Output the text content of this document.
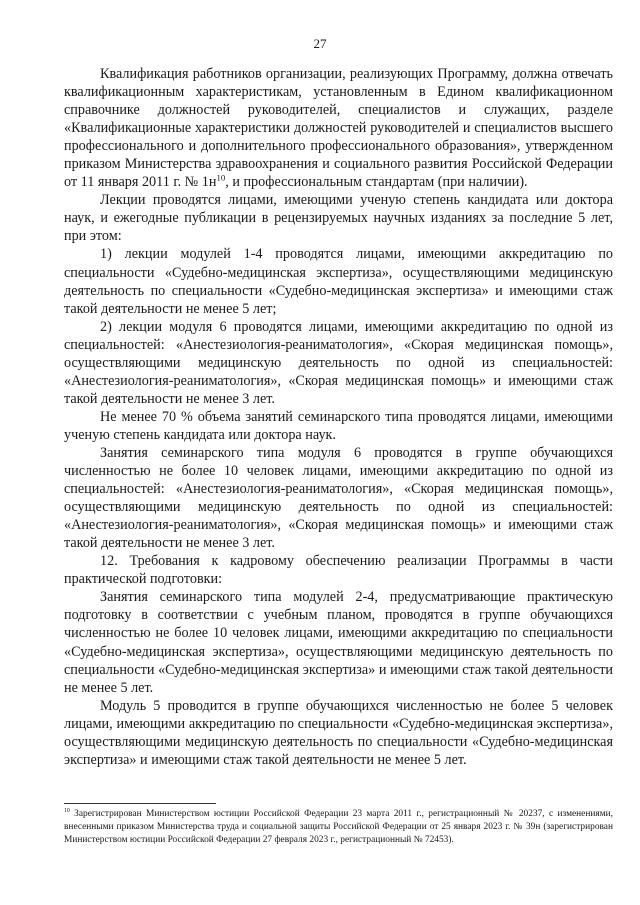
27

Квалификация работников организации, реализующих Программу, должна отвечать квалификационным характеристикам, установленным в Едином квалификационном справочнике должностей руководителей, специалистов и служащих, разделе «Квалификационные характеристики должностей руководителей и специалистов высшего профессионального и дополнительного профессионального образования», утвержденном приказом Министерства здравоохранения и социального развития Российской Федерации от 11 января 2011 г. № $1н^{10}$, и профессиональным стандартам (при наличии).

Лекции проводятся лицами, имеющими ученую степень кандидата или доктора наук, и ежегодные публикации в рецензируемых научных изданиях за последние 5 лет, при этом:

1) лекции модулей 1-4 проводятся лицами, имеющими аккредитацию по специальности «Судебно-медицинская экспертиза», осуществляющими медицинскую деятельность по специальности «Судебно-медицинская экспертиза» и имеющими стаж такой деятельности не менее 5 лет;

2) лекции модуля 6 проводятся лицами, имеющими аккредитацию по одной из специальностей: «Анестезиология-реаниматология», «Скорая медицинская помощь», осуществляющими медицинскую деятельность по одной из специальностей: «Анестезиология-реаниматология», «Скорая медицинская помощь» и имеющими стаж такой деятельности не менее 3 лет.

Не менее 70 % объема занятий семинарского типа проводятся лицами, имеющими ученую степень кандидата или доктора наук.

Занятия семинарского типа модуля 6 проводятся в группе обучающихся численностью не более 10 человек лицами, имеющими аккредитацию по одной из специальностей: «Анестезиология-реаниматология», «Скорая медицинская помощь», осуществляющими медицинскую деятельность по одной из специальностей: «Анестезиология-реаниматология», «Скорая медицинская помощь» и имеющими стаж такой деятельности не менее 3 лет.

12. Требования к кадровому обеспечению реализации Программы в части практической подготовки:

Занятия семинарского типа модулей 2-4, предусматривающие практическую подготовку в соответствии с учебным планом, проводятся в группе обучающихся численностью не более 10 человек лицами, имеющими аккредитацию по специальности «Судебно-медицинская экспертиза», осуществляющими медицинскую деятельность по специальности «Судебно-медицинская экспертиза» и имеющими стаж такой деятельности не менее 5 лет.

Модуль 5 проводится в группе обучающихся численностью не более 5 человек лицами, имеющими аккредитацию по специальности «Судебно-медицинская экспертиза», осуществляющими медицинскую деятельность по специальности «Судебно-медицинская экспертиза» и имеющими стаж такой деятельности не менее 5 лет.

$^{10}$ Зарегистрирован Министерством юстиции Российской Федерации 23 марта 2011 г., регистрационный № 20237, с изменениями, внесенными приказом Министерства труда и социальной защиты Российской Федерации от 25 января 2023 г. № 39н (зарегистрирован Министерством юстиции Российской Федерации 27 февраля 2023 г., регистрационный № 72453).
